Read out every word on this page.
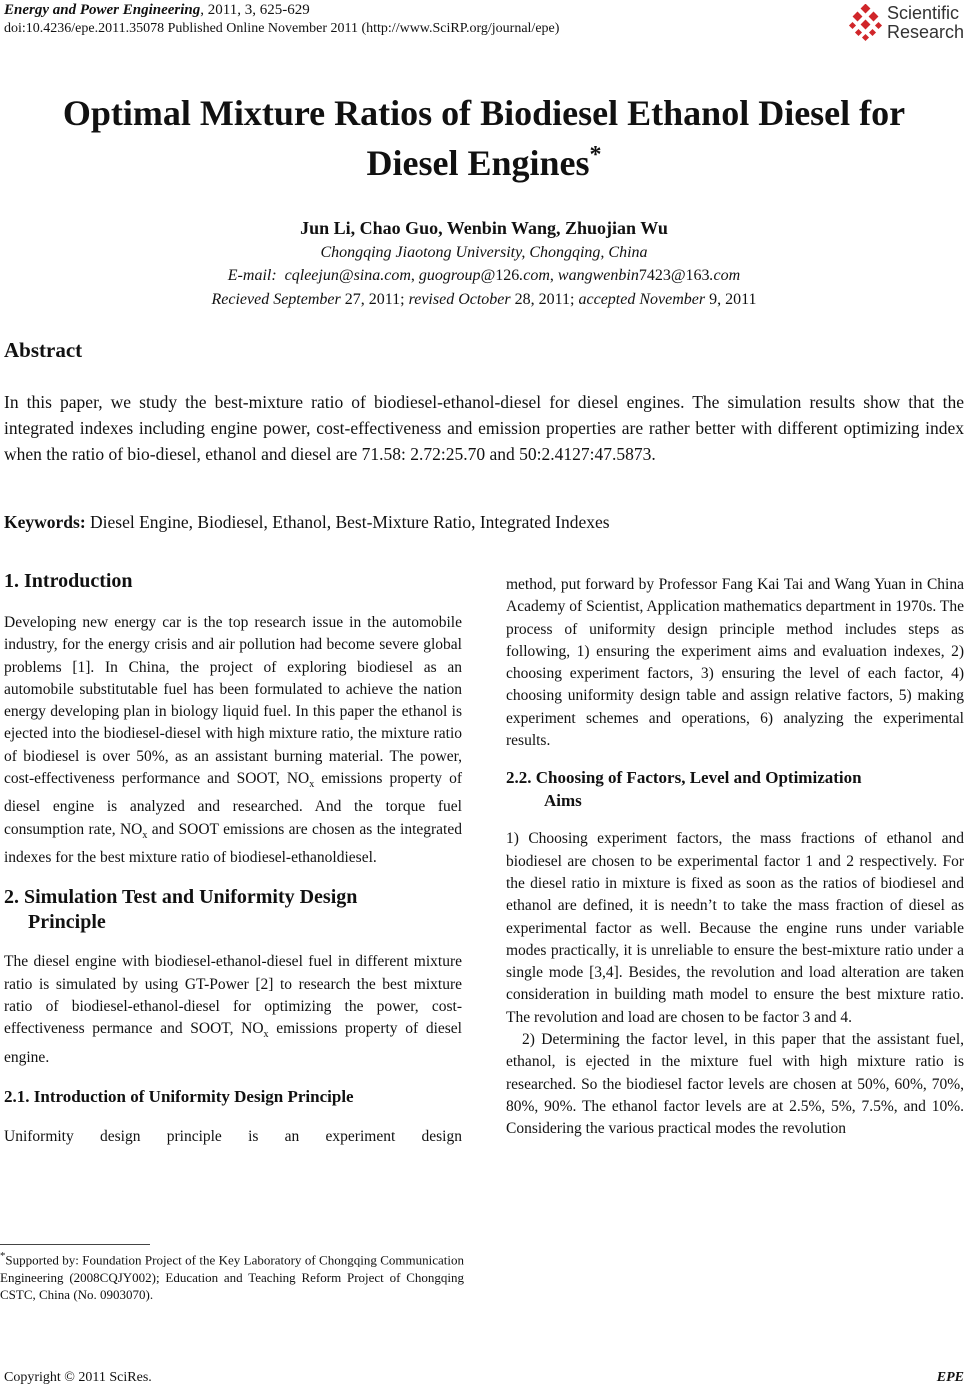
Energy and Power Engineering, 2011, 3, 625-629
doi:10.4236/epe.2011.35078 Published Online November 2011 (http://www.SciRP.org/journal/epe)
Scientific
Research
Optimal Mixture Ratios of Biodiesel Ethanol Diesel for
Diesel Engines*
Jun Li, Chao Guo, Wenbin Wang, Zhuojian Wu
Chongqing Jiaotong University, Chongqing, China
E-mail: cqleejun@sina.com, guogroup@126.com, wangwenbin7423@163.com
Recieved September 27, 2011; revised October 28, 2011; accepted November 9, 2011
Abstract
In this paper, we study the best-mixture ratio of biodiesel-ethanol-diesel for diesel engines. The simulation results show that the integrated indexes including engine power, cost-effectiveness and emission properties are rather better with different optimizing index when the ratio of bio-diesel, ethanol and diesel are 71.58: 2.72:25.70 and 50:2.4127:47.5873.
Keywords: Diesel Engine, Biodiesel, Ethanol, Best-Mixture Ratio, Integrated Indexes
1. Introduction

Developing new energy car is the top research issue in the automobile industry, for the energy crisis and air pollution had become severe global problems [1]. In China, the project of exploring biodiesel as an automobile substitutable fuel has been formulated to achieve the nation energy developing plan in biology liquid fuel. In this paper the ethanol is ejected into the biodiesel-diesel with high mixture ratio, the mixture ratio of biodiesel is over 50%, as an assistant burning material. The power, cost-effectiveness performance and SOOT, $NO_x$ emissions property of diesel engine is analyzed and researched. And the torque fuel consumption rate, $NO_x$ and SOOT emissions are chosen as the integrated indexes for the best mixture ratio of biodiesel-ethanoldiesel.

2. Simulation Test and Uniformity Design
Principle

The diesel engine with biodiesel-ethanol-diesel fuel in different mixture ratio is simulated by using GT-Power [2] to research the best mixture ratio of biodiesel-ethanol-diesel for optimizing the power, cost-effectiveness permance and SOOT, $NO_x$ emissions property of diesel engine.

2.1. Introduction of Uniformity Design Principle

Uniformity design principle is an experiment design

*Supported by: Foundation Project of the Key Laboratory of Chongqing Communication Engineering (2008CQJY002); Education and Teaching Reform Project of Chongqing CSTC, China (No. 0903070).

method, put forward by Professor Fang Kai Tai and Wang Yuan in China Academy of Scientist, Application mathematics department in 1970s. The process of uniformity design principle method includes steps as following, 1) ensuring the experiment aims and evaluation indexes, 2) choosing experiment factors, 3) ensuring the level of each factor, 4) choosing uniformity design table and assign relative factors, 5) making experiment schemes and operations, 6) analyzing the experimental results.

2.2. Choosing of Factors, Level and Optimization
Aims

1) Choosing experiment factors, the mass fractions of ethanol and biodiesel are chosen to be experimental factor 1 and 2 respectively. For the diesel ratio in mixture is fixed as soon as the ratios of biodiesel and ethanol are defined, it is needn’t to take the mass fraction of diesel as experimental factor as well. Because the engine runs under variable modes practically, it is unreliable to ensure the best-mixture ratio under a single mode [3,4]. Besides, the revolution and load alteration are taken consideration in building math model to ensure the best mixture ratio. The revolution and load are chosen to be factor 3 and 4.

2) Determining the factor level, in this paper that the assistant fuel, ethanol, is ejected in the mixture fuel with high mixture ratio is researched. So the biodiesel factor levels are chosen at 50%, 60%, 70%, 80%, 90%. The ethanol factor levels are at 2.5%, 5%, 7.5%, and 10%. Considering the various practical modes the revolution

Copyright © 2011 SciRes.	EPE
